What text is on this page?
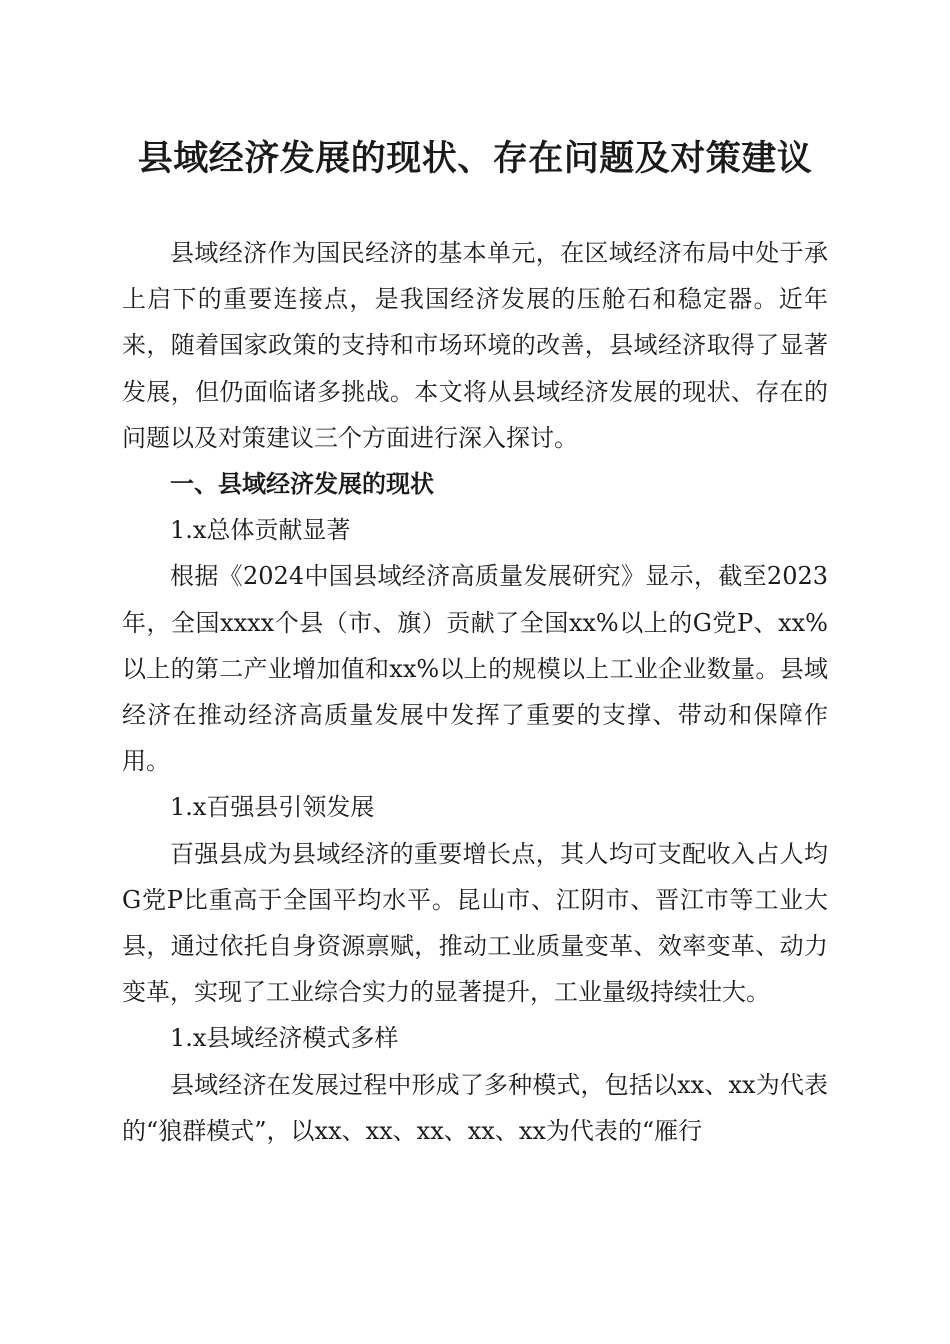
县域经济发展的现状、存在问题及对策建议

县域经济作为国民经济的基本单元，在区域经济布局中处于承上启下的重要连接点，是我国经济发展的压舱石和稳定器。近年来，随着国家政策的支持和市场环境的改善，县域经济取得了显著发展，但仍面临诸多挑战。本文将从县域经济发展的现状、存在的问题以及对策建议三个方面进行深入探讨。

一、县域经济发展的现状

1.x总体贡献显著

根据《2024中国县域经济高质量发展研究》显示，截至2023年，全国xxxx个县（市、旗）贡献了全国xx%以上的G党P、xx%以上的第二产业增加值和xx%以上的规模以上工业企业数量。县域经济在推动经济高质量发展中发挥了重要的支撑、带动和保障作用。

1.x百强县引领发展

百强县成为县域经济的重要增长点，其人均可支配收入占人均G党P比重高于全国平均水平。昆山市、江阴市、晋江市等工业大县，通过依托自身资源禀赋，推动工业质量变革、效率变革、动力变革，实现了工业综合实力的显著提升，工业量级持续壮大。

1.x县域经济模式多样

县域经济在发展过程中形成了多种模式，包括以xx、xx为代表的“狼群模式”，以xx、xx、xx、xx、xx为代表的“雁行
